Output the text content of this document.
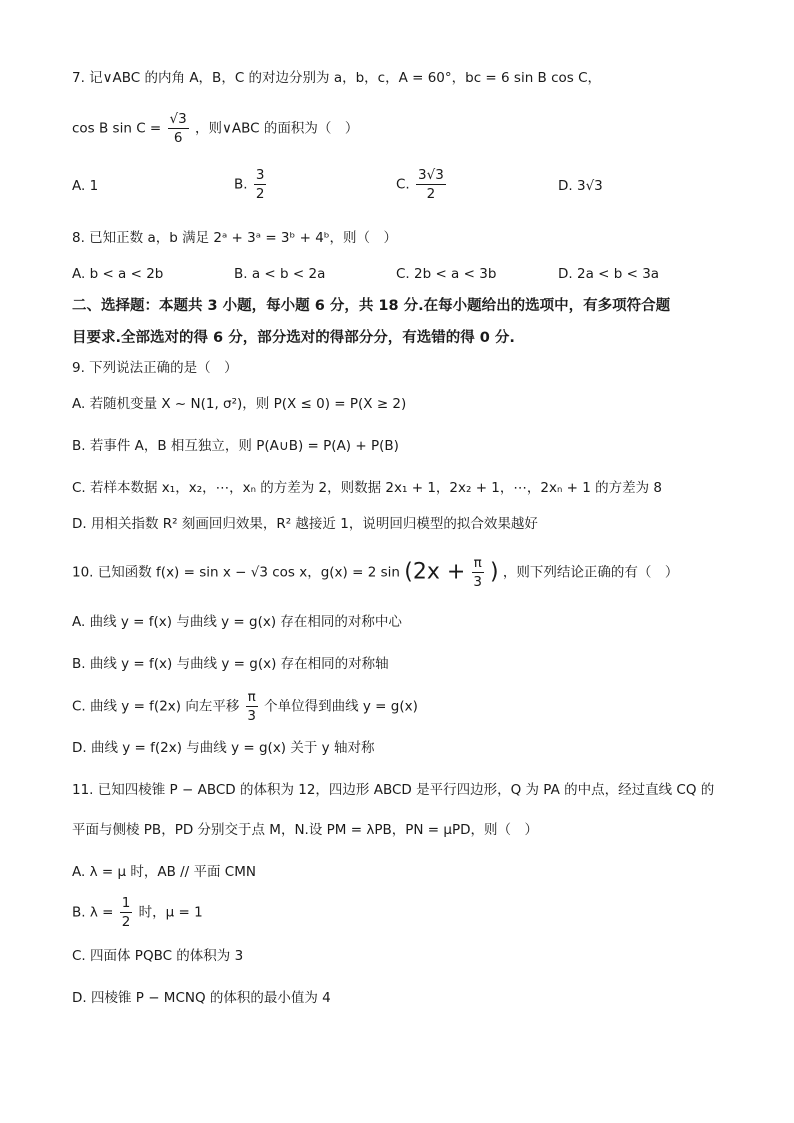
7. 记∨ABC 的内角 A，B，C 的对边分别为 a，b，c，A = 60°，bc = 6 sin B cos C，
cos B $\sin C = \frac{√3}{6}$ ，则∨ABC 的面积为（　）
A. 1	B. $\frac{3}{2}$	C. $\frac{3√3}{2}$	D. 3√3
8. 已知正数 a，b 满足 2ᵃ + 3ᵃ = 3ᵇ + 4ᵇ，则（　）
A. b < a < 2b	B. a < b < 2a	C. 2b < a < 3b	D. 2a < b < 3a
二、选择题：本题共 3 小题，每小题 6 分，共 18 分.在每小题给出的选项中，有多项符合题
目要求.全部选对的得 6 分，部分选对的得部分分，有选错的得 0 分.
9. 下列说法正确的是（　）
A. 若随机变量 X ~ N(1, σ²)，则 P(X ≤ 0) = P(X ≥ 2)
B. 若事件 A，B 相互独立，则 P(A∪B) = P(A) + P(B)
C. 若样本数据 x₁，x₂，⋯，xₙ 的方差为 2，则数据 2x₁ + 1，2x₂ + 1，⋯，2xₙ + 1 的方差为 8
D. 用相关指数 R² 刻画回归效果，R² 越接近 1，说明回归模型的拟合效果越好
10. 已知函数 f(x) = sin x − √3 cos x，g(x) = 2 $\sin (2x + \frac{\pi}{3}$ ) ，则下列结论正确的有（　）
A. 曲线 y = f(x) 与曲线 y = g(x) 存在相同的对称中心
B. 曲线 y = f(x) 与曲线 y = g(x) 存在相同的对称轴
C. 曲线 y = f(2x) 向左平移 $\frac{\pi}{3}$ 个单位得到曲线 y = g(x)
D. 曲线 y = f(2x) 与曲线 y = g(x) 关于 y 轴对称
11. 已知四棱锥 P − ABCD 的体积为 12，四边形 ABCD 是平行四边形，Q 为 PA 的中点，经过直线 CQ 的
平面与侧棱 PB，PD 分别交于点 M，N.设 PM = λPB，PN = μPD，则（　）
A. λ = μ 时，AB // 平面 CMN
B. $\lambda = \frac{1}{2}$ 时，μ = 1
C. 四面体 PQBC 的体积为 3
D. 四棱锥 P − MCNQ 的体积的最小值为 4
